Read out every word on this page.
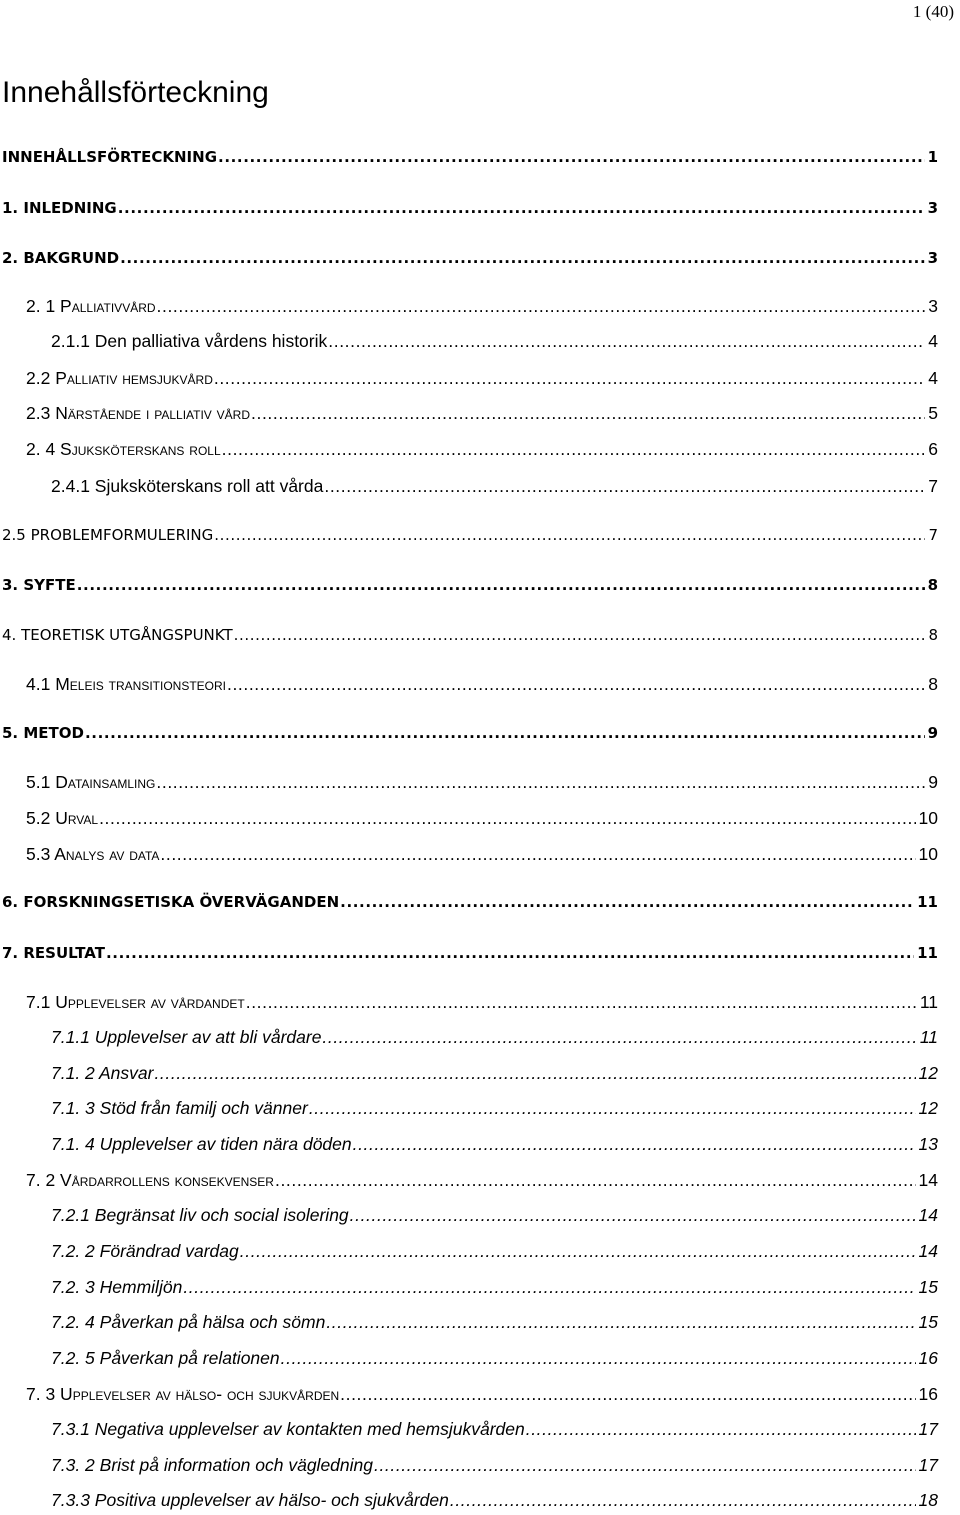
1 (40)
Innehållsförteckning
INNEHÅLLSFÖRTECKNING .....	1
1. INLEDNING .....	3
2. BAKGRUND .....	3
2. 1 Palliativvård .....	3
2.1.1 Den palliativa vårdens historik .....	4
2.2 Palliativ hemsjukvård .....	4
2.3 Närstående i palliativ vård .....	5
2. 4 Sjuksköterskans roll .....	6
2.4.1 Sjuksköterskans roll att vårda .....	7
2.5 PROBLEMFORMULERING .....	7
3. SYFTE .....	8
4. TEORETISK UTGÅNGSPUNKT .....	8
4.1 Meleis transitionsteori .....	8
5. METOD .....	9
5.1 Datainsamling .....	9
5.2 Urval .....	10
5.3 Analys av data .....	10
6. FORSKNINGSETISKA ÖVERVÄGANDEN .....	11
7. RESULTAT .....	11
7.1 Upplevelser av vårdandet .....	11
7.1.1 Upplevelser av att bli vårdare .....	11
7.1. 2 Ansvar .....	12
7.1. 3 Stöd från familj och vänner .....	12
7.1. 4 Upplevelser av tiden nära döden .....	13
7. 2 Vårdarrollens konsekvenser .....	14
7.2.1 Begränsat liv och social isolering .....	14
7.2. 2 Förändrad vardag .....	14
7.2. 3 Hemmiljön .....	15
7.2. 4 Påverkan på hälsa och sömn .....	15
7.2. 5 Påverkan på relationen .....	16
7. 3 Upplevelser av hälso- och sjukvården .....	16
7.3.1 Negativa upplevelser av kontakten med hemsjukvården .....	17
7.3. 2 Brist på information och vägledning .....	17
7.3.3 Positiva upplevelser av hälso- och sjukvården .....	18
